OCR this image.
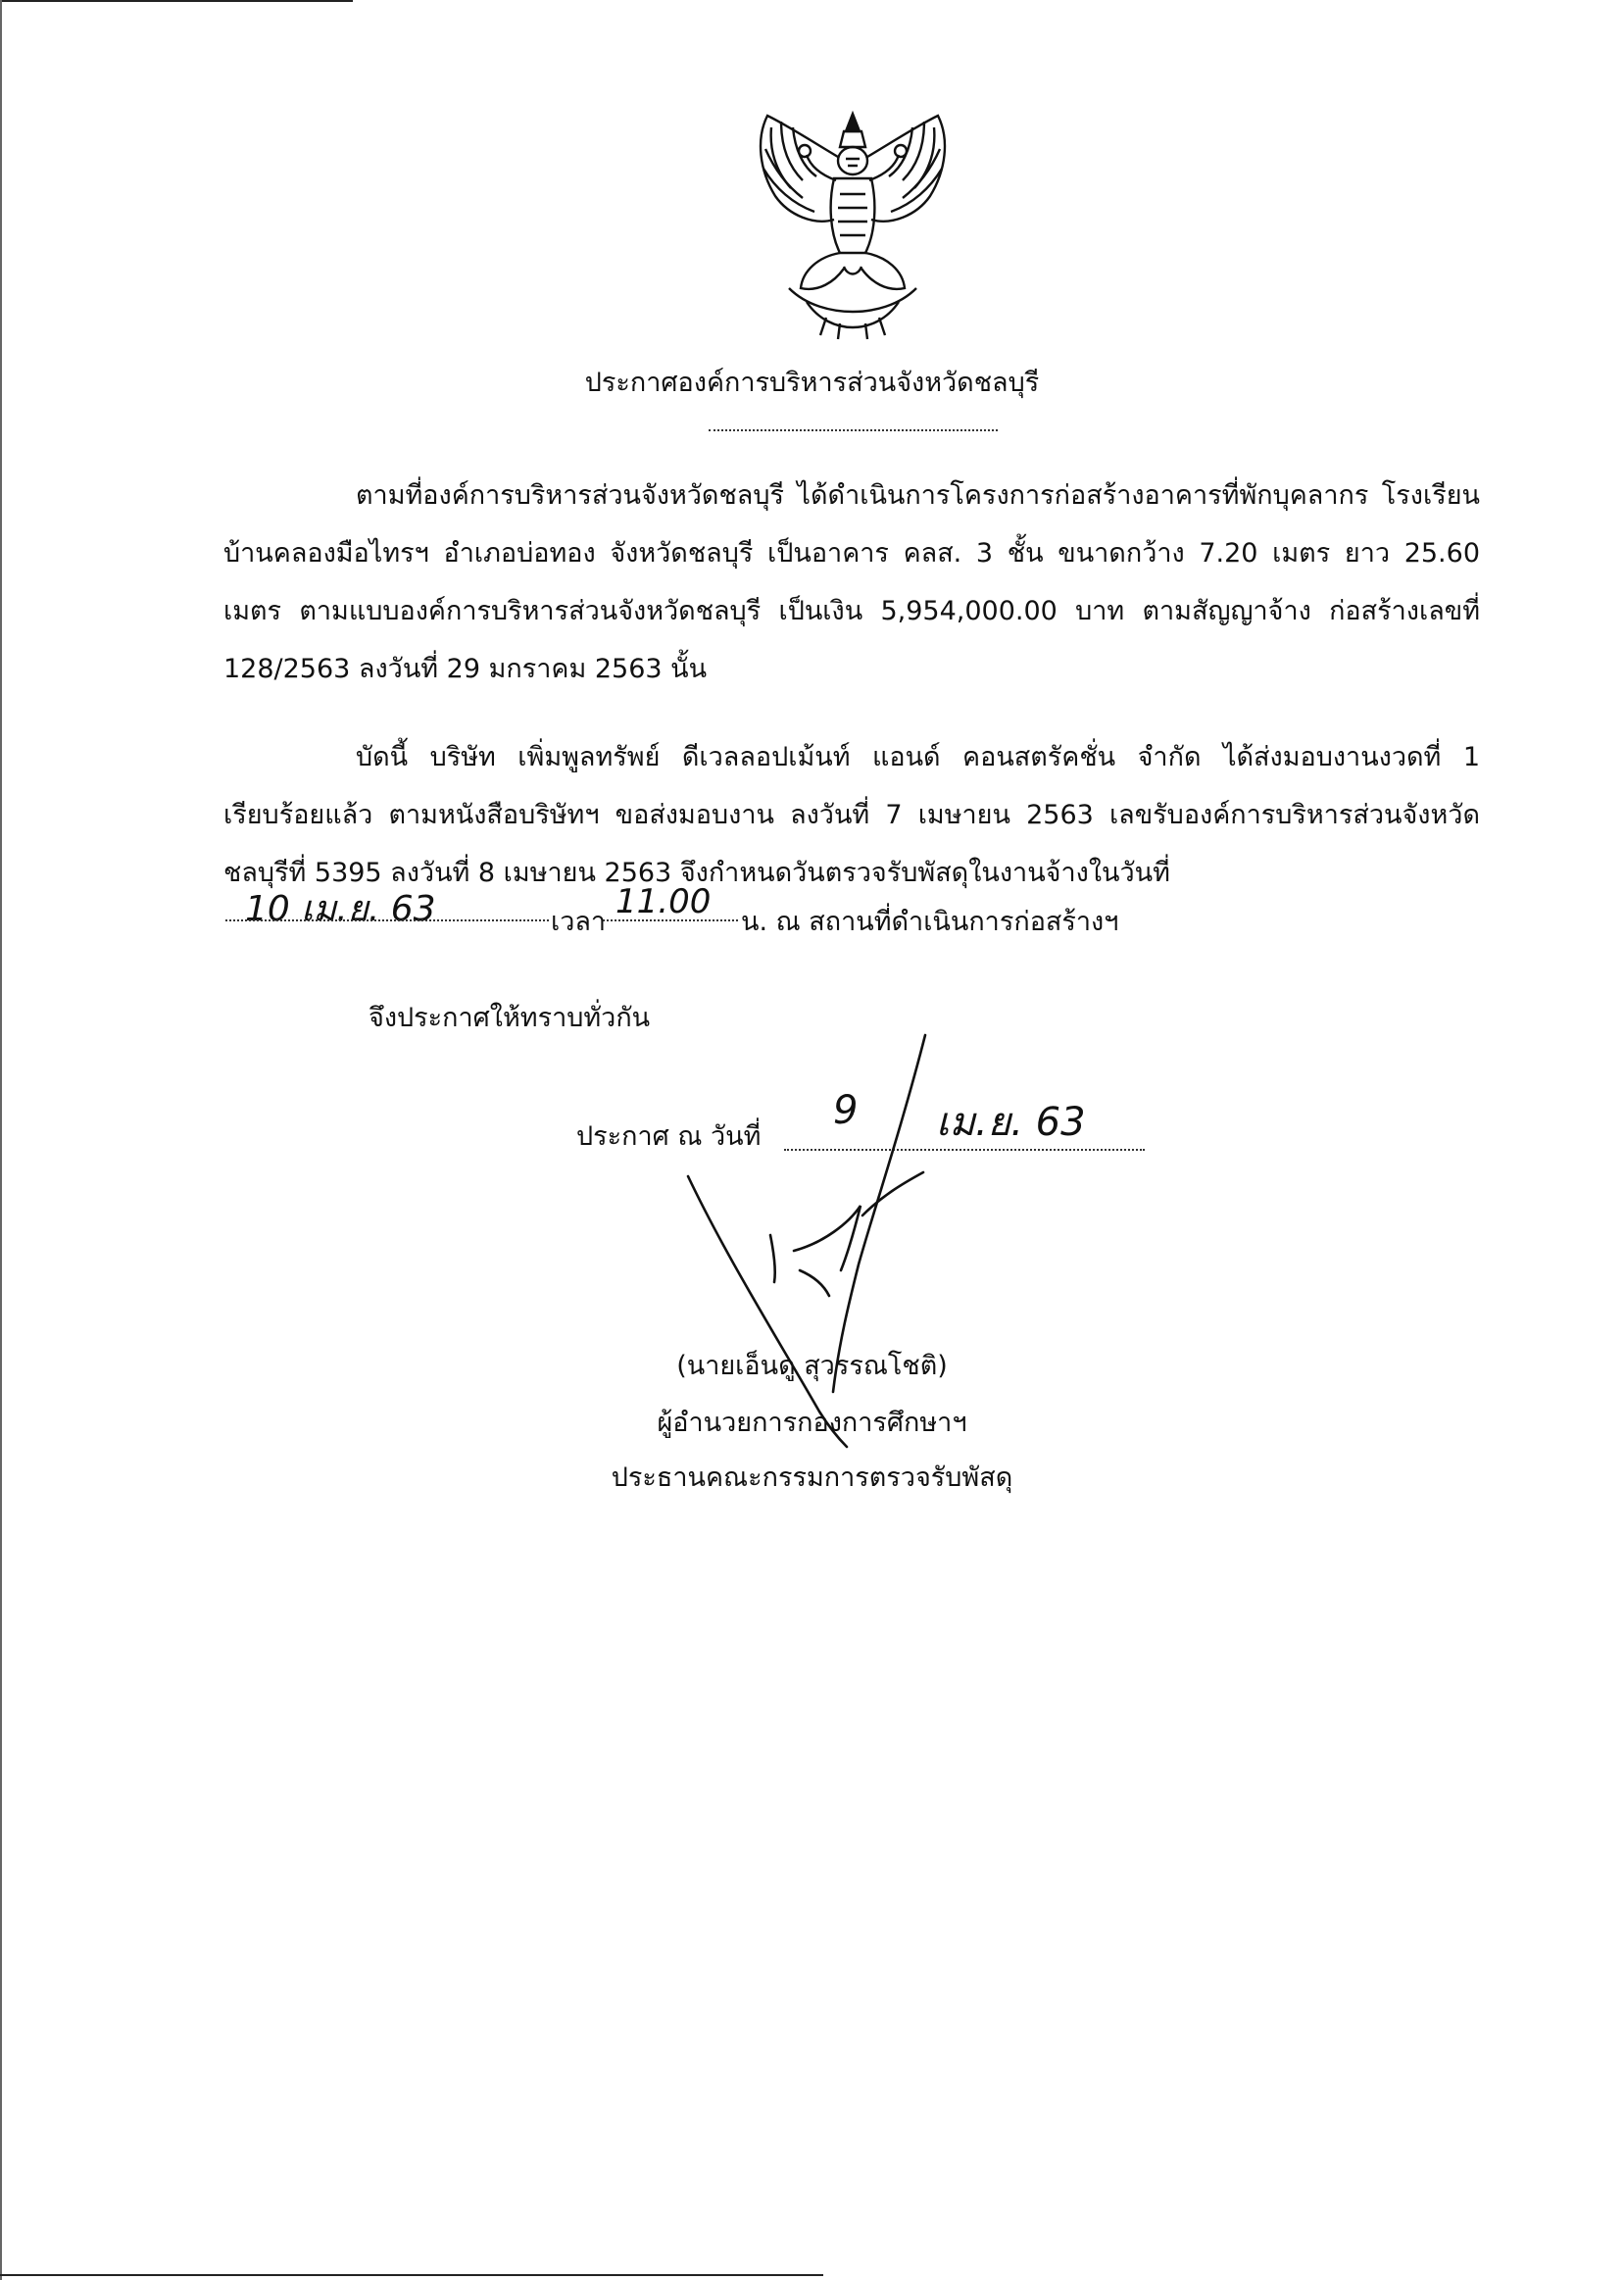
ประกาศองค์การบริหารส่วนจังหวัดชลบุรี
ตามที่องค์การบริหารส่วนจังหวัดชลบุรี ได้ดำเนินการโครงการก่อสร้างอาคารที่พักบุคลากร โรงเรียนบ้านคลองมือไทรฯ อำเภอบ่อทอง จังหวัดชลบุรี เป็นอาคาร คลส. 3 ชั้น ขนาดกว้าง 7.20 เมตร ยาว 25.60 เมตร ตามแบบองค์การบริหารส่วนจังหวัดชลบุรี เป็นเงิน 5,954,000.00 บาท ตามสัญญาจ้าง ก่อสร้างเลขที่ 128/2563 ลงวันที่ 29 มกราคม 2563 นั้น
บัดนี้ บริษัท เพิ่มพูลทรัพย์ ดีเวลลอปเม้นท์ แอนด์ คอนสตรัคชั่น จำกัด ได้ส่งมอบงานงวดที่ 1 เรียบร้อยแล้ว ตามหนังสือบริษัทฯ ขอส่งมอบงาน ลงวันที่ 7 เมษายน 2563 เลขรับองค์การบริหารส่วนจังหวัด ชลบุรีที่ 5395 ลงวันที่ 8 เมษายน 2563 จึงกำหนดวันตรวจรับพัสดุในงานจ้างในวันที่
10 เม.ย. 63	เวลา
11.00
น. ณ สถานที่ดำเนินการก่อสร้างฯ
จึงประกาศให้ทราบทั่วกัน
ประกาศ ณ วันที่
9 เม.ย. 63
(นายเอ็นดู สุวรรณโชติ)
ผู้อำนวยการกองการศึกษาฯ
ประธานคณะกรรมการตรวจรับพัสดุ
